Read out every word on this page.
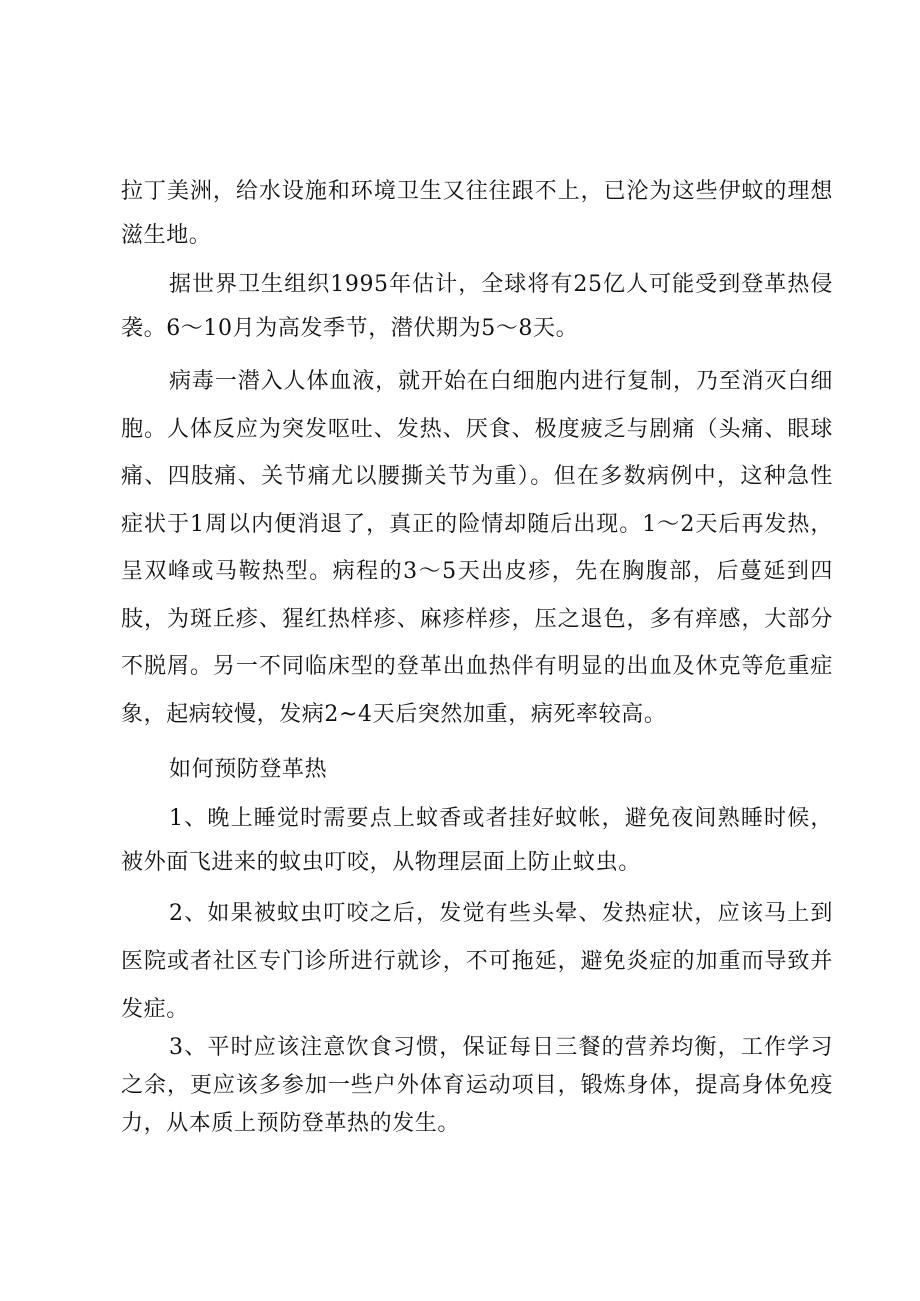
拉丁美洲，给水设施和环境卫生又往往跟不上，已沦为这些伊蚊的理想滋生地。

据世界卫生组织1995年估计，全球将有25亿人可能受到登革热侵袭。6～10月为高发季节，潜伏期为5～8天。

病毒一潜入人体血液，就开始在白细胞内进行复制，乃至消灭白细胞。人体反应为突发呕吐、发热、厌食、极度疲乏与剧痛（头痛、眼球痛、四肢痛、关节痛尤以腰撕关节为重）。但在多数病例中，这种急性症状于1周以内便消退了，真正的险情却随后出现。1～2天后再发热，呈双峰或马鞍热型。病程的3～5天出皮疹，先在胸腹部，后蔓延到四肢，为斑丘疹、猩红热样疹、麻疹样疹，压之退色，多有痒感，大部分不脱屑。另一不同临床型的登革出血热伴有明显的出血及休克等危重症象，起病较慢，发病2~4天后突然加重，病死率较高。

如何预防登革热

1、晚上睡觉时需要点上蚊香或者挂好蚊帐，避免夜间熟睡时候，被外面飞进来的蚊虫叮咬，从物理层面上防止蚊虫。

2、如果被蚊虫叮咬之后，发觉有些头晕、发热症状，应该马上到医院或者社区专门诊所进行就诊，不可拖延，避免炎症的加重而导致并发症。

3、平时应该注意饮食习惯，保证每日三餐的营养均衡，工作学习之余，更应该多参加一些户外体育运动项目，锻炼身体，提高身体免疫力，从本质上预防登革热的发生。
